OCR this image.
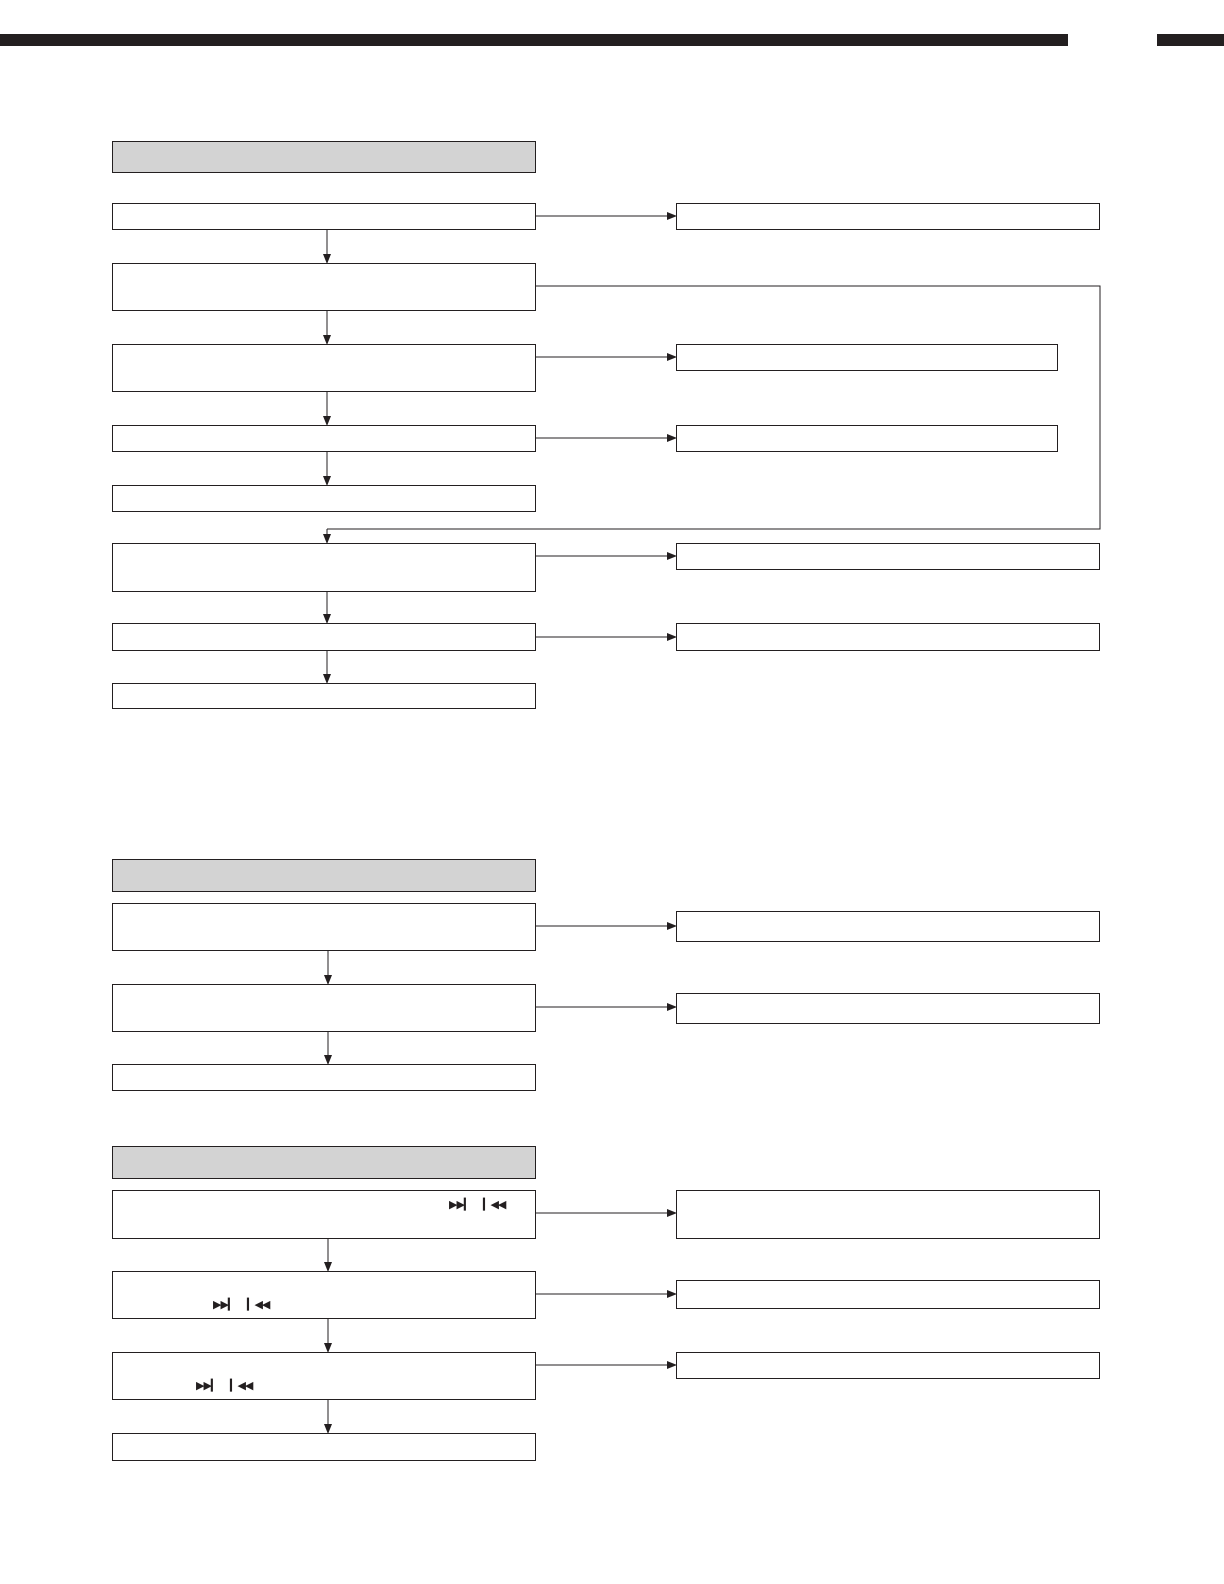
▶▶▎ ▎◀◀
▶▶▎ ▎◀◀
▶▶▎ ▎◀◀
